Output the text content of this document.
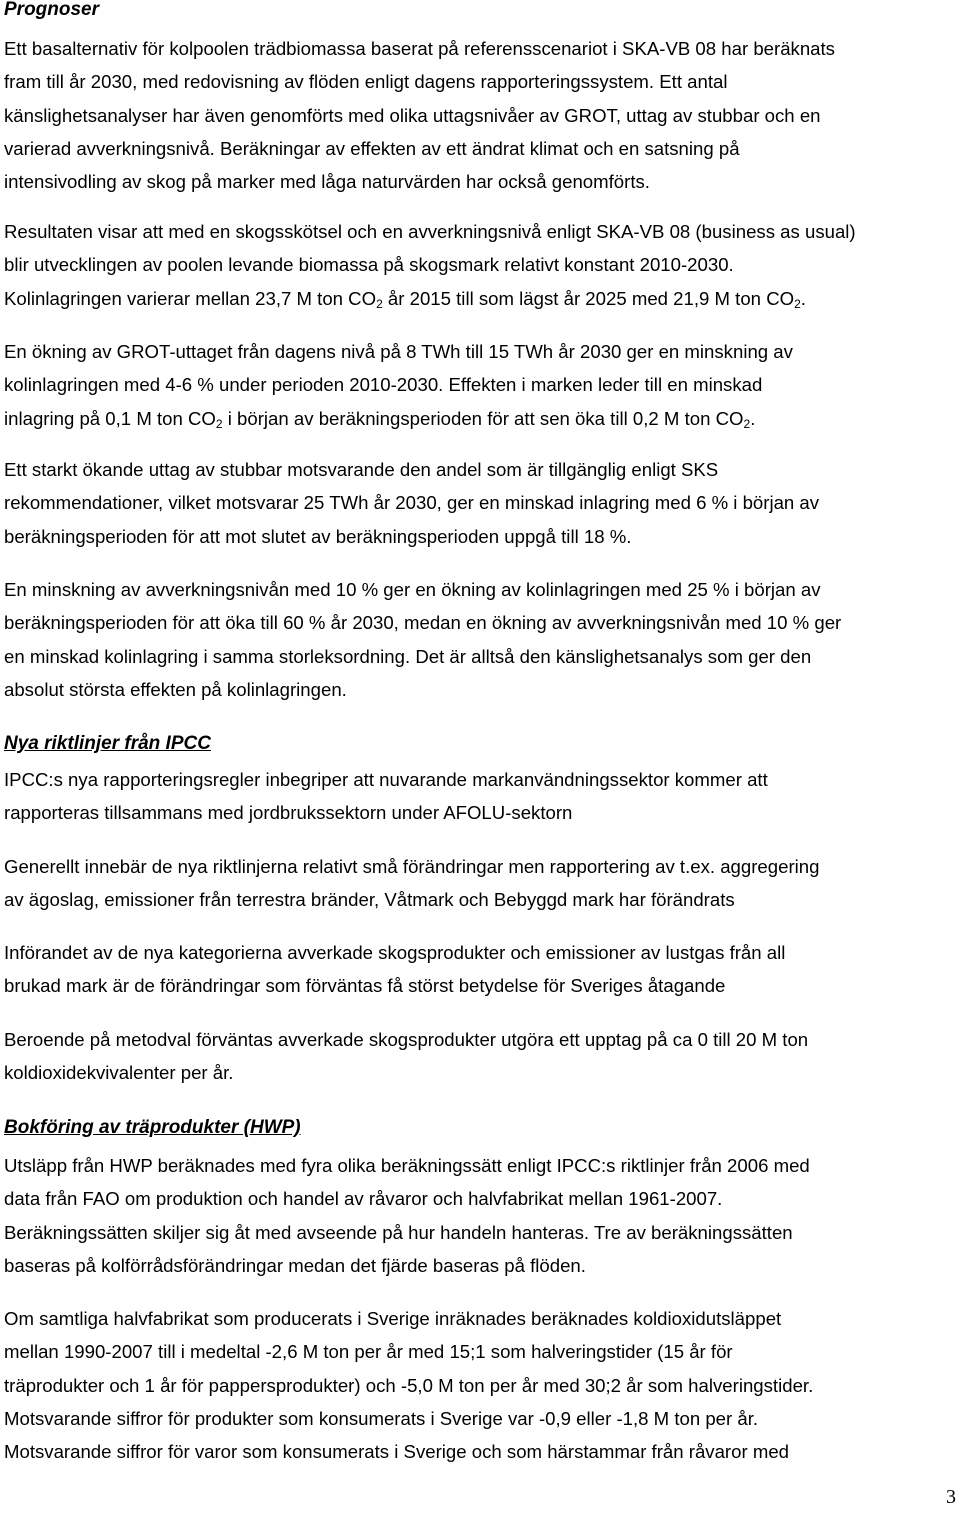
Prognoser
Ett basalternativ för kolpoolen trädbiomassa baserat på referensscenariot i SKA-VB 08 har beräknats
fram till år 2030, med redovisning av flöden enligt dagens rapporteringssystem. Ett antal
känslighetsanalyser har även genomförts med olika uttagsnivåer av GROT, uttag av stubbar och en
varierad avverkningsnivå. Beräkningar av effekten av ett ändrat klimat och en satsning på
intensivodling av skog på marker med låga naturvärden har också genomförts.
Resultaten visar att med en skogsskötsel och en avverkningsnivå enligt SKA-VB 08 (business as usual)
blir utvecklingen av poolen levande biomassa på skogsmark relativt konstant 2010-2030.
Kolinlagringen varierar mellan 23,7 M ton $CO_2$ år 2015 till som lägst år 2025 med 21,9 M ton $CO_2$.
En ökning av GROT-uttaget från dagens nivå på 8 TWh till 15 TWh år 2030 ger en minskning av
kolinlagringen med 4-6 % under perioden 2010-2030. Effekten i marken leder till en minskad
inlagring på 0,1 M ton $CO_2$ i början av beräkningsperioden för att sen öka till 0,2 M ton $CO_2$.
Ett starkt ökande uttag av stubbar motsvarande den andel som är tillgänglig enligt SKS
rekommendationer, vilket motsvarar 25 TWh år 2030, ger en minskad inlagring med 6 % i början av
beräkningsperioden för att mot slutet av beräkningsperioden uppgå till 18 %.
En minskning av avverkningsnivån med 10 % ger en ökning av kolinlagringen med 25 % i början av
beräkningsperioden för att öka till 60 % år 2030, medan en ökning av avverkningsnivån med 10 % ger
en minskad kolinlagring i samma storleksordning. Det är alltså den känslighetsanalys som ger den
absolut största effekten på kolinlagringen.
Nya riktlinjer från IPCC
IPCC:s nya rapporteringsregler inbegriper att nuvarande markanvändningssektor kommer att
rapporteras tillsammans med jordbrukssektorn under AFOLU-sektorn
Generellt innebär de nya riktlinjerna relativt små förändringar men rapportering av t.ex. aggregering
av ägoslag, emissioner från terrestra bränder, Våtmark och Bebyggd mark har förändrats
Införandet av de nya kategorierna avverkade skogsprodukter och emissioner av lustgas från all
brukad mark är de förändringar som förväntas få störst betydelse för Sveriges åtagande
Beroende på metodval förväntas avverkade skogsprodukter utgöra ett upptag på ca 0 till 20 M ton
koldioxidekvivalenter per år.
Bokföring av träprodukter (HWP)
Utsläpp från HWP beräknades med fyra olika beräkningssätt enligt IPCC:s riktlinjer från 2006 med
data från FAO om produktion och handel av råvaror och halvfabrikat mellan 1961-2007.
Beräkningssätten skiljer sig åt med avseende på hur handeln hanteras. Tre av beräkningssätten
baseras på kolförrådsförändringar medan det fjärde baseras på flöden.
Om samtliga halvfabrikat som producerats i Sverige inräknades beräknades koldioxidutsläppet
mellan 1990-2007 till i medeltal -2,6 M ton per år med 15;1 som halveringstider (15 år för
träprodukter och 1 år för pappersprodukter) och -5,0 M ton per år med 30;2 år som halveringstider.
Motsvarande siffror för produkter som konsumerats i Sverige var -0,9 eller -1,8 M ton per år.
Motsvarande siffror för varor som konsumerats i Sverige och som härstammar från råvaror med
3
